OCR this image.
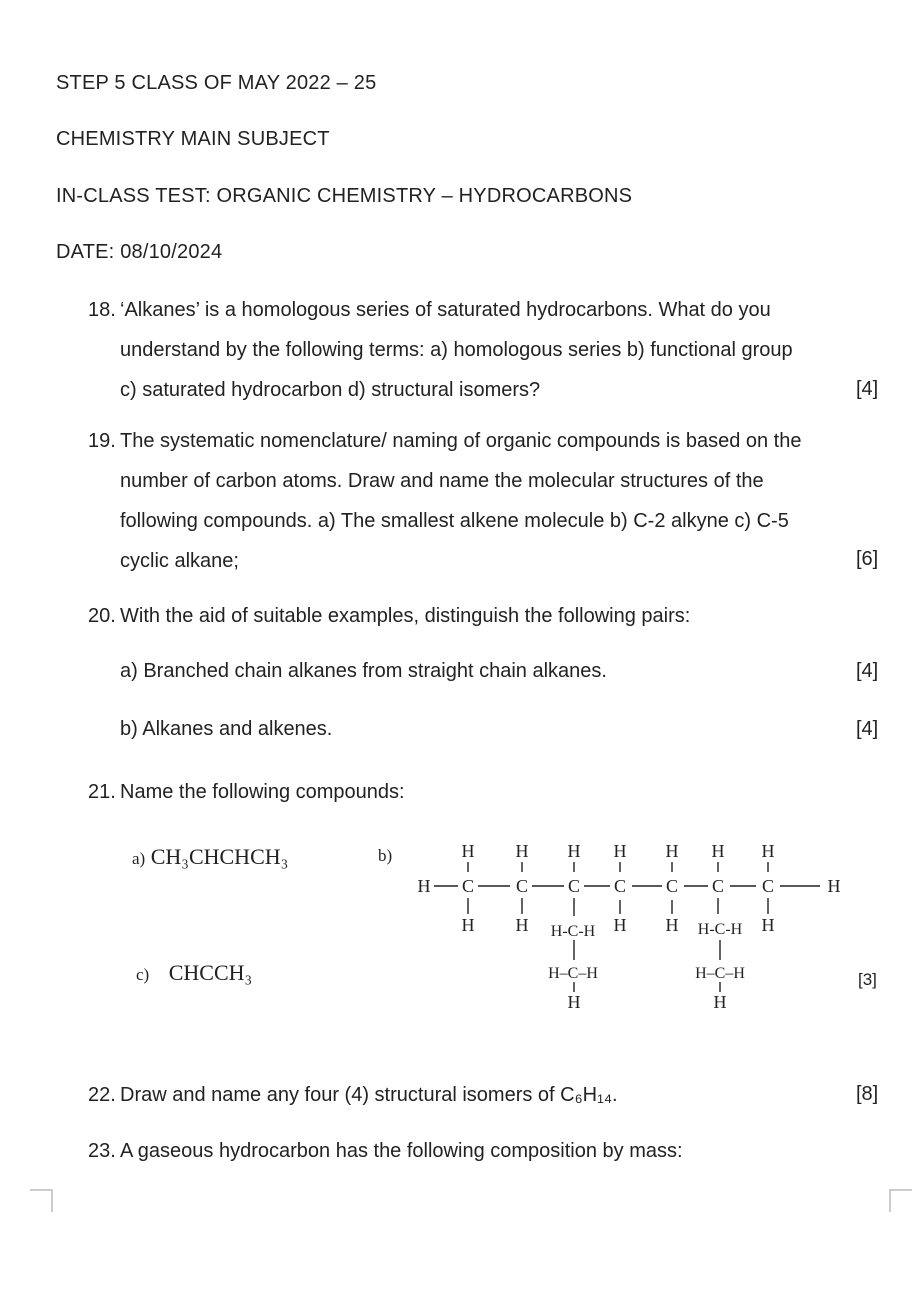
STEP 5 CLASS OF MAY 2022 – 25
CHEMISTRY MAIN SUBJECT
IN-CLASS TEST: ORGANIC CHEMISTRY – HYDROCARBONS
DATE: 08/10/2024
18. ‘Alkanes’ is a homologous series of saturated hydrocarbons. What do you
understand by the following terms: a) homologous series b) functional group
c) saturated hydrocarbon d) structural isomers?	[4]
19. The systematic nomenclature/ naming of organic compounds is based on the
number of carbon atoms. Draw and name the molecular structures of the
following compounds. a) The smallest alkene molecule b) C-2 alkyne c) C-5
cyclic alkane;	[6]
20. With the aid of suitable examples, distinguish the following pairs:
a) Branched chain alkanes from straight chain alkanes.	[4]
b) Alkanes and alkenes.	[4]
21. Name the following compounds:
a) CH₃CHCHCH₃
c) CHCCH₃
b)	H H H H H H H
H C C C C C C C	H
H H	H H	H
H-C-H
H–C–H
H
H-C-H
H–C–H
H
[3]
22. Draw and name any four (4) structural isomers of C₆H₁₄.	[8]
23. A gaseous hydrocarbon has the following composition by mass:
